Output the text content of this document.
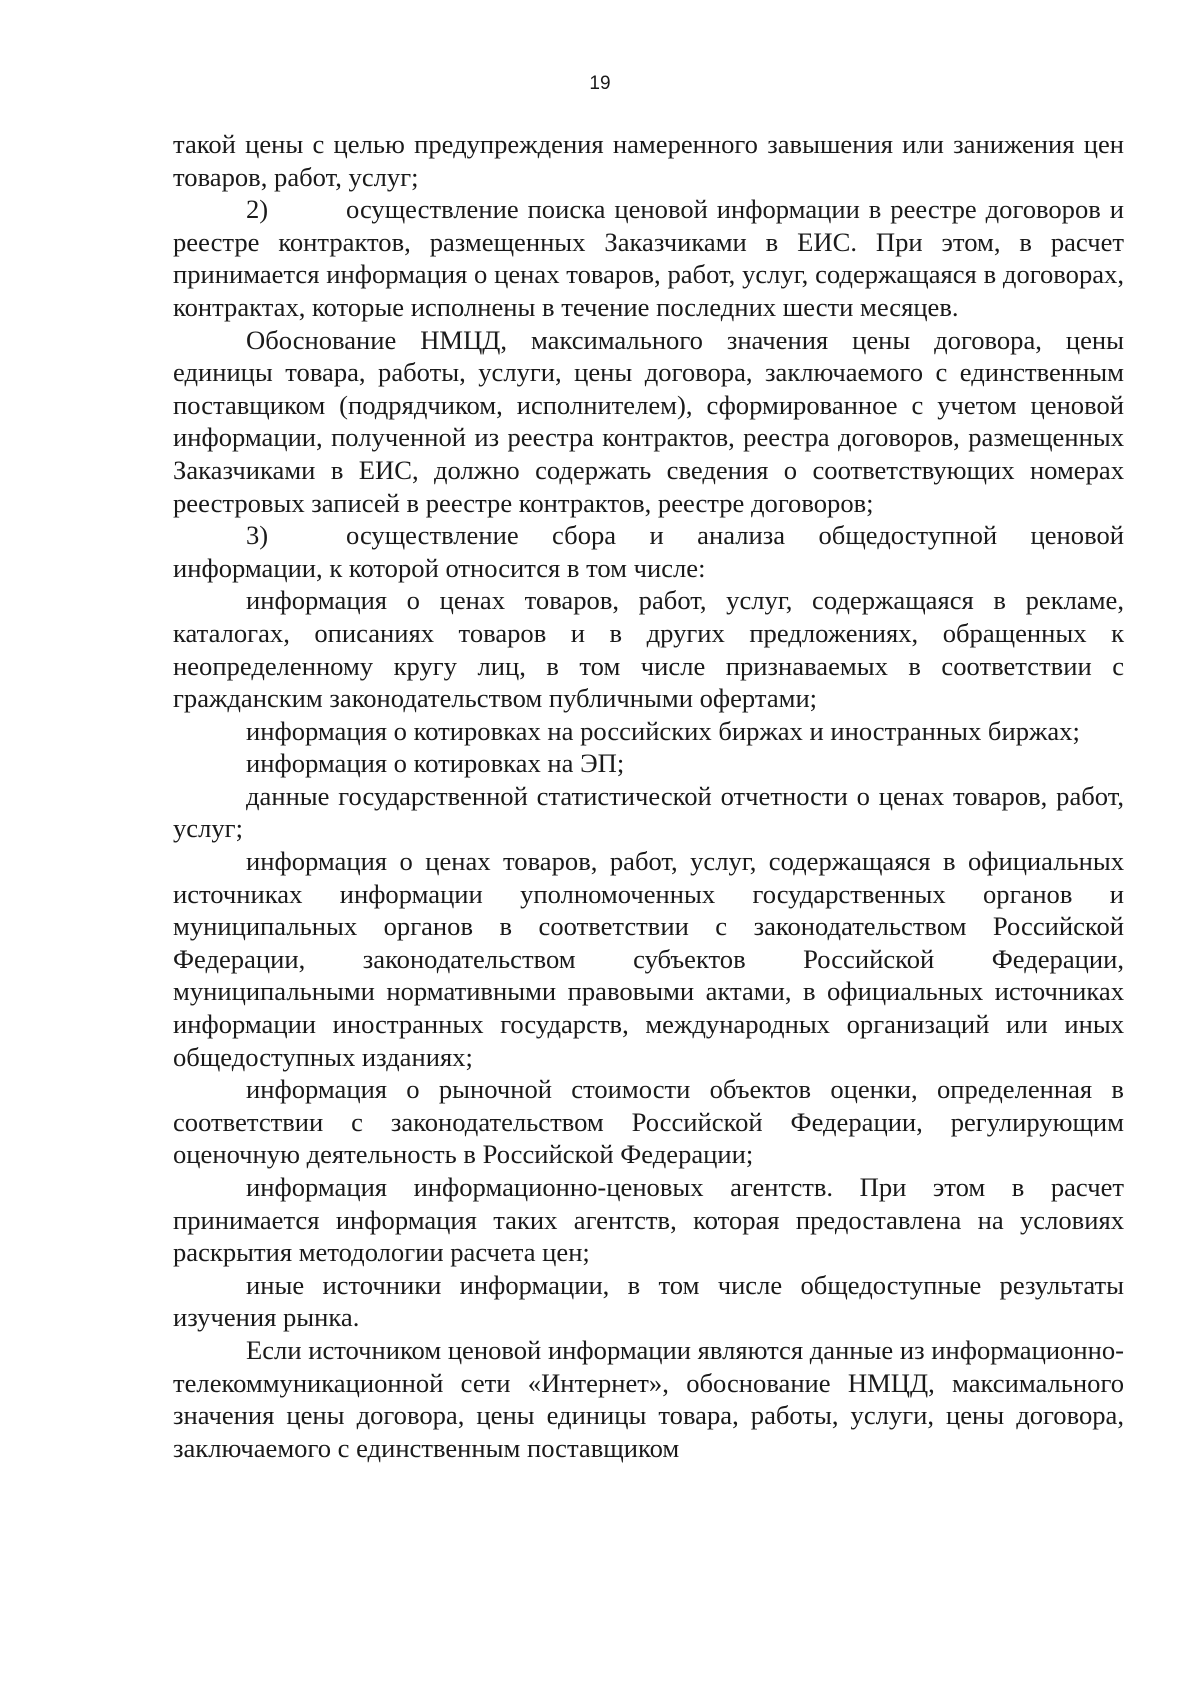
19

такой цены с целью предупреждения намеренного завышения или занижения цен товаров, работ, услуг;

2)	осуществление поиска ценовой информации в реестре договоров и реестре контрактов, размещенных Заказчиками в ЕИС. При этом, в расчет принимается информация о ценах товаров, работ, услуг, содержащаяся в договорах, контрактах, которые исполнены в течение последних шести месяцев.

Обоснование НМЦД, максимального значения цены договора, цены единицы товара, работы, услуги, цены договора, заключаемого с единственным поставщиком (подрядчиком, исполнителем), сформированное с учетом ценовой информации, полученной из реестра контрактов, реестра договоров, размещенных Заказчиками в ЕИС, должно содержать сведения о соответствующих номерах реестровых записей в реестре контрактов, реестре договоров;

3)	осуществление сбора и анализа общедоступной ценовой информации, к которой относится в том числе:

информация о ценах товаров, работ, услуг, содержащаяся в рекламе, каталогах, описаниях товаров и в других предложениях, обращенных к неопределенному кругу лиц, в том числе признаваемых в соответствии с гражданским законодательством публичными офертами;

информация о котировках на российских биржах и иностранных биржах;

информация о котировках на ЭП;

данные государственной статистической отчетности о ценах товаров, работ, услуг;

информация о ценах товаров, работ, услуг, содержащаяся в официальных источниках информации уполномоченных государственных органов и муниципальных органов в соответствии с законодательством Российской Федерации, законодательством субъектов Российской Федерации, муниципальными нормативными правовыми актами, в официальных источниках информации иностранных государств, международных организаций или иных общедоступных изданиях;

информация о рыночной стоимости объектов оценки, определенная в соответствии с законодательством Российской Федерации, регулирующим оценочную деятельность в Российской Федерации;

информация информационно-ценовых агентств. При этом в расчет принимается информация таких агентств, которая предоставлена на условиях раскрытия методологии расчета цен;

иные источники информации, в том числе общедоступные результаты изучения рынка.

Если источником ценовой информации являются данные из информационно-телекоммуникационной сети «Интернет», обоснование НМЦД, максимального значения цены договора, цены единицы товара, работы, услуги, цены договора, заключаемого с единственным поставщиком
